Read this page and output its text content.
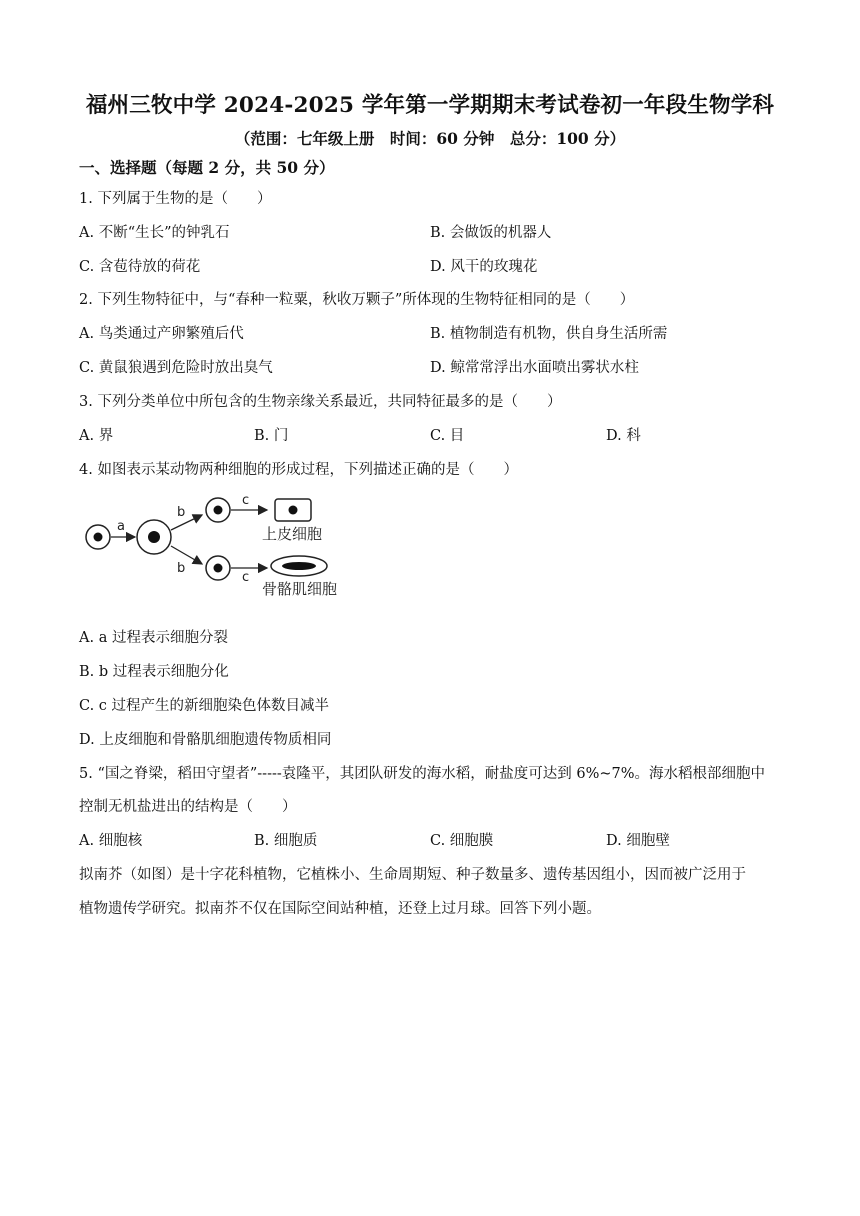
福州三牧中学 2024-2025 学年第一学期期末考试卷初一年段生物学科
（范围：七年级上册　时间：60 分钟　总分：100 分）
一、选择题（每题 2 分，共 50 分）
1. 下列属于生物的是（　　）
A. 不断“生长”的钟乳石	B. 会做饭的机器人
C. 含苞待放的荷花	D. 风干的玫瑰花
2. 下列生物特征中，与“春种一粒粟，秋收万颗子”所体现的生物特征相同的是（　　）
A. 鸟类通过产卵繁殖后代	B. 植物制造有机物，供自身生活所需
C. 黄鼠狼遇到危险时放出臭气	D. 鲸常常浮出水面喷出雾状水柱
3. 下列分类单位中所包含的生物亲缘关系最近，共同特征最多的是（　　）
A. 界	B. 门	C. 目	D. 科
4. 如图表示某动物两种细胞的形成过程，下列描述正确的是（　　）
a
b
b
c
上皮细胞
c
骨骼肌细胞
A. a 过程表示细胞分裂
B. b 过程表示细胞分化
C. c 过程产生的新细胞染色体数目减半
D. 上皮细胞和骨骼肌细胞遗传物质相同
5. “国之脊梁，稻田守望者”-----袁隆平，其团队研发的海水稻，耐盐度可达到 6%~7%。海水稻根部细胞中
控制无机盐进出的结构是（　　）
A. 细胞核	B. 细胞质	C. 细胞膜	D. 细胞壁
拟南芥（如图）是十字花科植物，它植株小、生命周期短、种子数量多、遗传基因组小，因而被广泛用于
植物遗传学研究。拟南芥不仅在国际空间站种植，还登上过月球。回答下列小题。
